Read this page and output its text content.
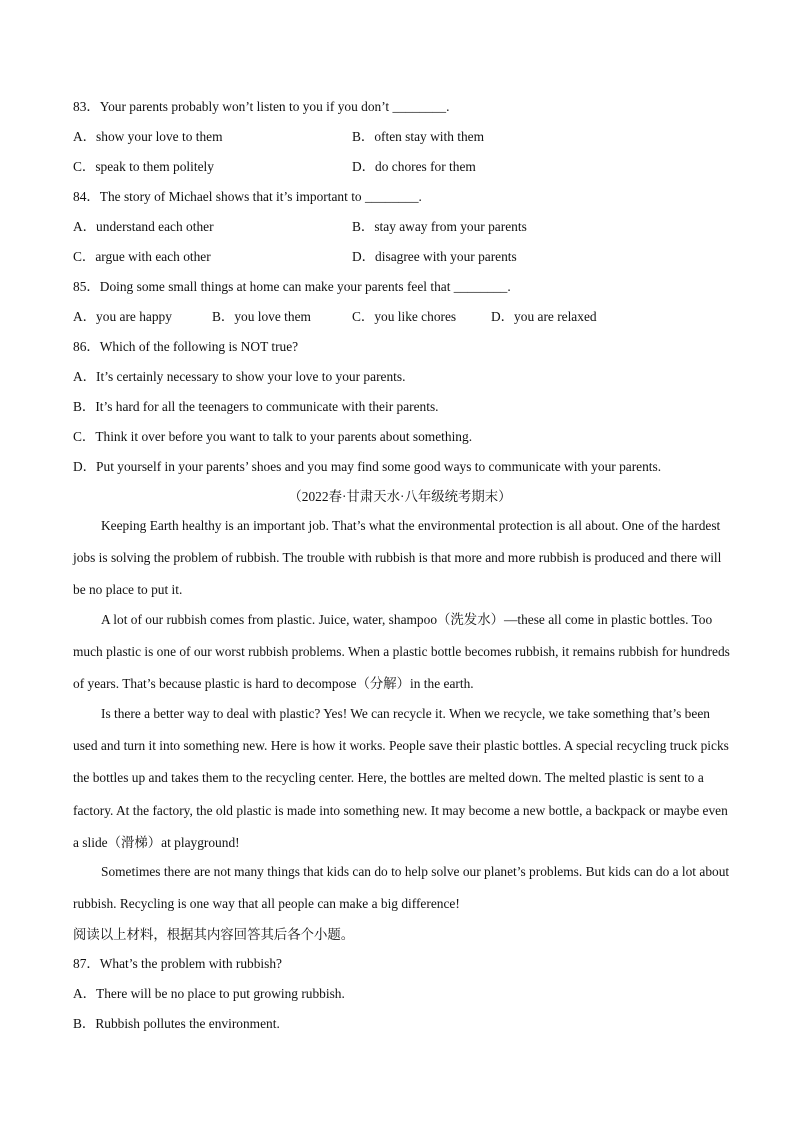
83．Your parents probably won’t listen to you if you don’t ________.
A．show your love to them	B．often stay with them
C．speak to them politely	D．do chores for them
84．The story of Michael shows that it’s important to ________.
A．understand each other	B．stay away from your parents
C．argue with each other	D．disagree with your parents
85．Doing some small things at home can make your parents feel that ________.
A．you are happy	B．you love them	C．you like chores	D．you are relaxed
86．Which of the following is NOT true?
A．It’s certainly necessary to show your love to your parents.
B．It’s hard for all the teenagers to communicate with their parents.
C．Think it over before you want to talk to your parents about something.
D．Put yourself in your parents’ shoes and you may find some good ways to communicate with your parents.
（2022春·甘肃天水·八年级统考期末）
Keeping Earth healthy is an important job. That’s what the environmental protection is all about. One of the hardest jobs is solving the problem of rubbish. The trouble with rubbish is that more and more rubbish is produced and there will be no place to put it.
A lot of our rubbish comes from plastic. Juice, water, shampoo（洗发水）—these all come in plastic bottles. Too much plastic is one of our worst rubbish problems. When a plastic bottle becomes rubbish, it remains rubbish for hundreds of years. That’s because plastic is hard to decompose（分解）in the earth.
Is there a better way to deal with plastic? Yes! We can recycle it. When we recycle, we take something that’s been used and turn it into something new. Here is how it works. People save their plastic bottles. A special recycling truck picks the bottles up and takes them to the recycling center. Here, the bottles are melted down. The melted plastic is sent to a factory. At the factory, the old plastic is made into something new. It may become a new bottle, a backpack or maybe even a slide（滑梯）at playground!
Sometimes there are not many things that kids can do to help solve our planet’s problems. But kids can do a lot about rubbish. Recycling is one way that all people can make a big difference!
阅读以上材料，根据其内容回答其后各个小题。
87．What’s the problem with rubbish?
A．There will be no place to put growing rubbish.
B．Rubbish pollutes the environment.
